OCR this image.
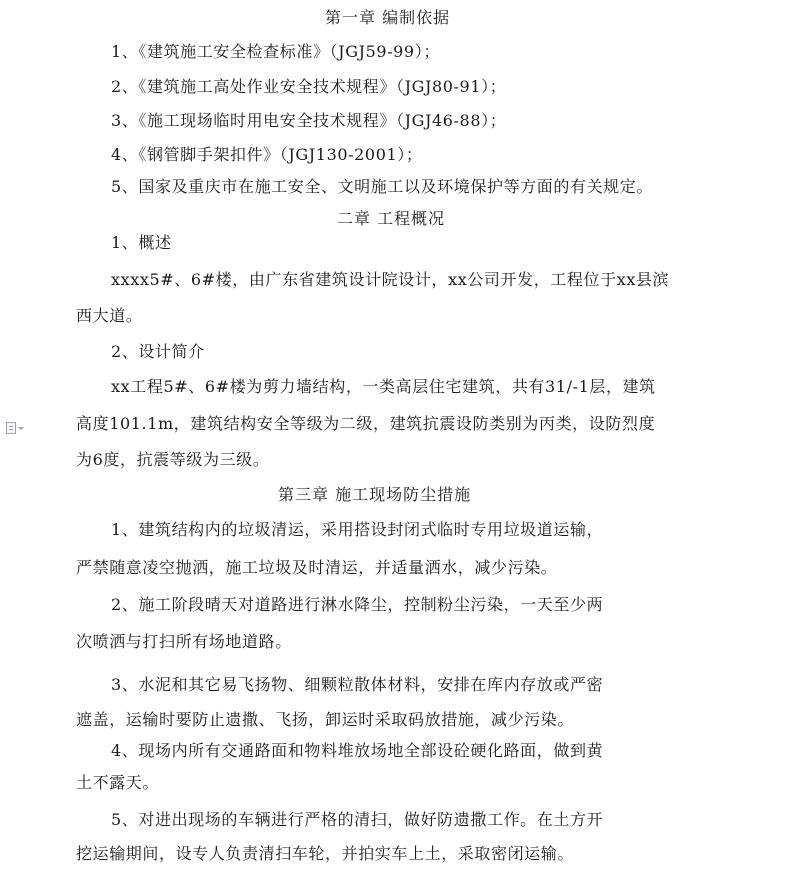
第一章 编制依据
1、《建筑施工安全检查标准》（JGJ59-99）；
2、《建筑施工高处作业安全技术规程》（JGJ80-91）；
3、《施工现场临时用电安全技术规程》（JGJ46-88）；
4、《钢管脚手架扣件》（JGJ130-2001）；
5、国家及重庆市在施工安全、文明施工以及环境保护等方面的有关规定。
二章 工程概况
1、概述
xxxx5#、6#楼，由广东省建筑设计院设计，xx公司开发，工程位于xx县滨
西大道。
2、设计简介
xx工程5#、6#楼为剪力墙结构，一类高层住宅建筑，共有31/-1层，建筑
高度101.1m，建筑结构安全等级为二级，建筑抗震设防类别为丙类，设防烈度
为6度，抗震等级为三级。
第三章 施工现场防尘措施
1、建筑结构内的垃圾清运，采用搭设封闭式临时专用垃圾道运输，
严禁随意凌空抛洒，施工垃圾及时清运，并适量洒水，减少污染。
2、施工阶段晴天对道路进行淋水降尘，控制粉尘污染，一天至少两
次喷洒与打扫所有场地道路。
3、水泥和其它易飞扬物、细颗粒散体材料，安排在库内存放或严密
遮盖，运输时要防止遗撒、飞扬，卸运时采取码放措施，减少污染。
4、现场内所有交通路面和物料堆放场地全部设砼硬化路面，做到黄
土不露天。
5、对进出现场的车辆进行严格的清扫，做好防遗撒工作。在土方开
挖运输期间，设专人负责清扫车轮，并拍实车上土，采取密闭运输。
